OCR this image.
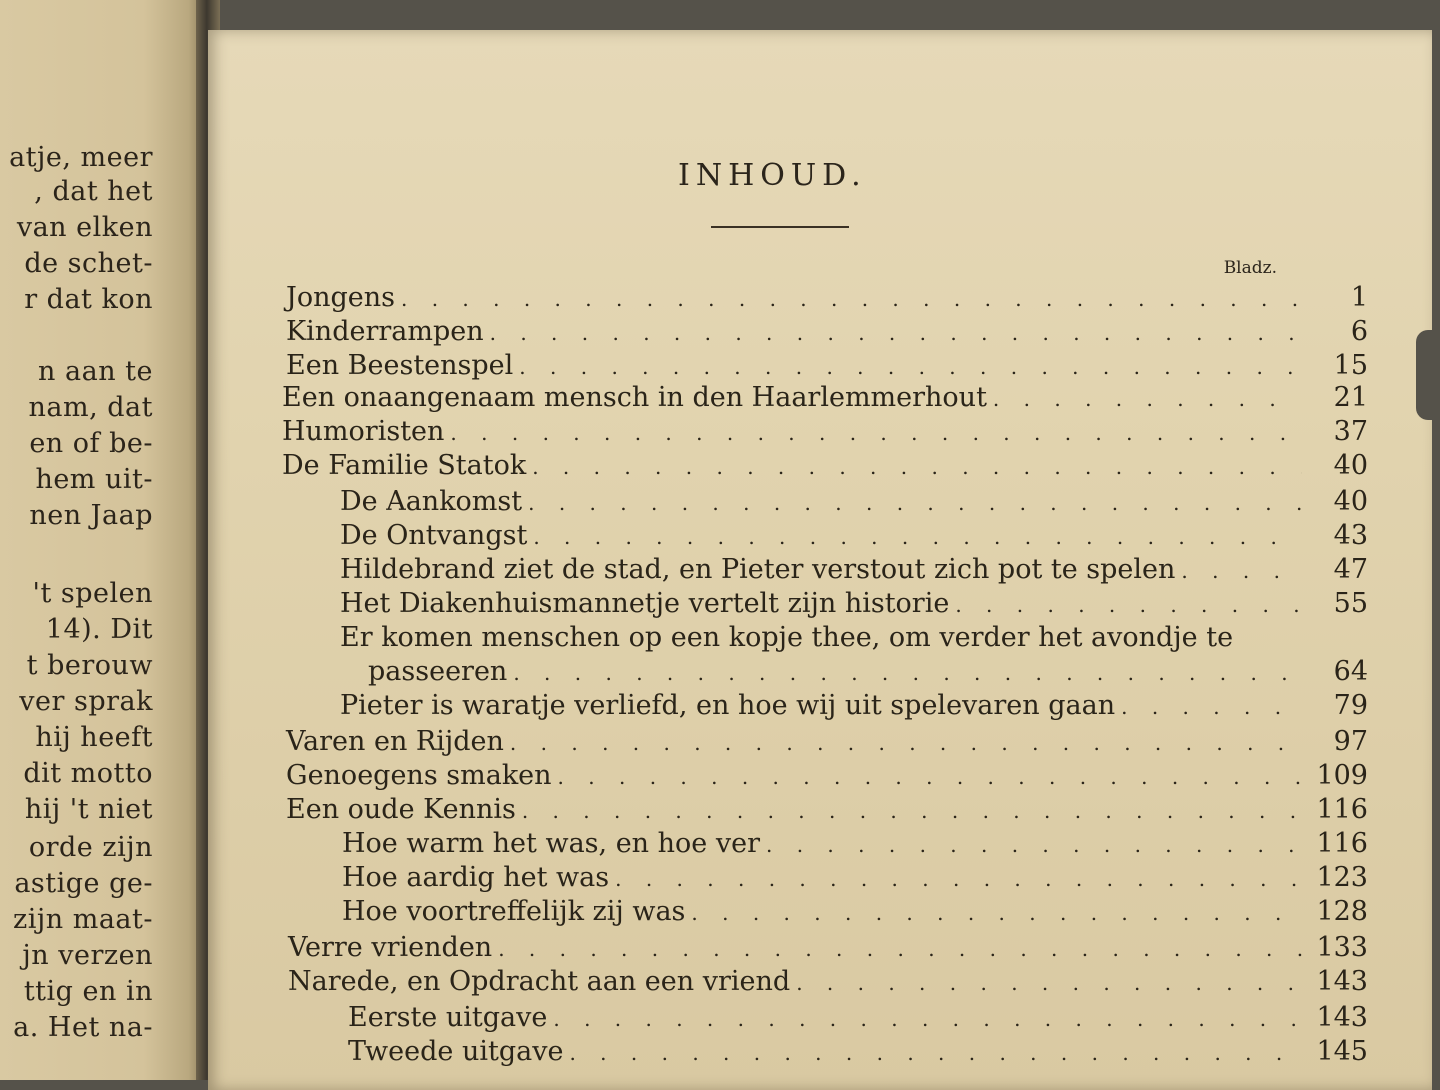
atje, meer
, dat het
van elken
de schet-
r dat kon
n aan te
nam, dat
en of be-
hem uit-
nen Jaap
't spelen
14). Dit
t berouw
ver sprak
hij heeft
dit motto
hij 't niet
orde zijn
astige ge-
zijn maat-
jn verzen
ttig en in
a. Het na-
INHOUD.
Bladz.
Jongens . . .	1
Kinderrampen . . .	6
Een Beestenspel . . .	15
Een onaangenaam mensch in den Haarlemmerhout . . .	21
Humoristen . . .	37
De Familie Statok . . .	40
De Aankomst . . .	40
De Ontvangst . . .	43
Hildebrand ziet de stad, en Pieter verstout zich pot te spelen . . .	47
Het Diakenhuismannetje vertelt zijn historie . . .	55
Er komen menschen op een kopje thee, om verder het avondje te
passeeren . . .	64
Pieter is waratje verliefd, en hoe wij uit spelevaren gaan . . .	79
Varen en Rijden . . .	97
Genoegens smaken . . .	109
Een oude Kennis . . .	116
Hoe warm het was, en hoe ver . . .	116
Hoe aardig het was . . .	123
Hoe voortreffelijk zij was . . .	128
Verre vrienden . . .	133
Narede, en Opdracht aan een vriend . . .	143
Eerste uitgave . . .	143
Tweede uitgave . . .	145
